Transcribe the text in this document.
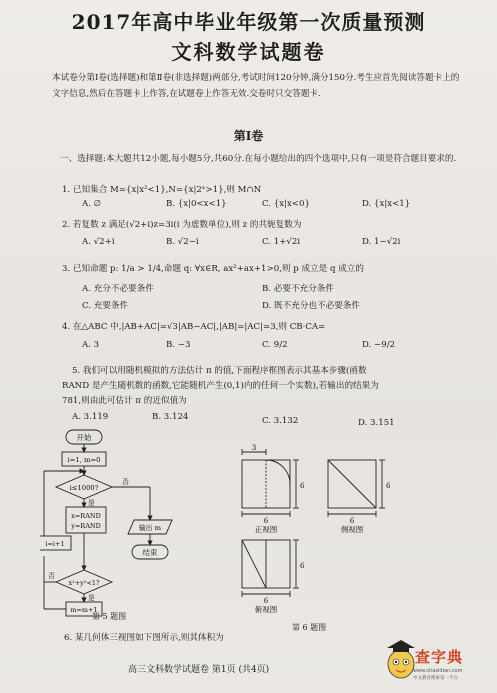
2017年高中毕业年级第一次质量预测
文科数学试题卷
本试卷分第Ⅰ卷(选择题)和第Ⅱ卷(非选择题)两部分,考试时间120分钟,满分150分.考生应首先阅读答题卡上的文字信息,然后在答题卡上作答,在试题卷上作答无效.交卷时只交答题卡.
第Ⅰ卷
一、选择题:本大题共12小题,每小题5分,共60分.在每小题给出的四个选项中,只有一项是符合题目要求的.
1. 已知集合 M={x|x²<1},N={x|2ˣ>1},则 M∩N
A. ∅	B. {x|0<x<1}	C. {x|x<0}	D. {x|x<1}
2. 若复数 z 满足(√2+i)z=3i(i 为虚数单位),则 z 的共轭复数为
A. √2+i	B. √2−i	C. 1+√2i	D. 1−√2i
3. 已知命题 p: 1/a > 1/4,命题 q: ∀x∈R, ax²+ax+1>0,则 p 成立是 q 成立的
A. 充分不必要条件	B. 必要不充分条件
C. 充要条件	D. 既不充分也不必要条件
4. 在△ABC 中,|AB+AC|=√3|AB−AC|,|AB|=|AC|=3,则 CB·CA=
A. 3	B. −3	C. 9/2	D. −9/2
5. 我们可以用随机模拟的方法估计 π 的值,下面程序框图表示其基本步骤(函数
RAND 是产生随机数的函数,它能随机产生(0,1)内的任何一个实数),若输出的结果为
781,则由此可估计 π 的近似值为
A. 3.119	B. 3.124	C. 3.132	D. 3.151
开始
i=1, m=0
i≤1000?
否
是
x=RAND
y=RAND	输出 m
结束
x²+y²<1?
否
是
m=m+1
i=i+1
第 5 题图
3
6
6
正视图
6
6
侧视图
6
6
俯视图
第 6 题图
6. 某几何体三视图如下图所示,则其体积为
高三文科数学试题卷 第1页 (共4页)
查字典
www.chazidian.com
中文教育搜索第一平台
